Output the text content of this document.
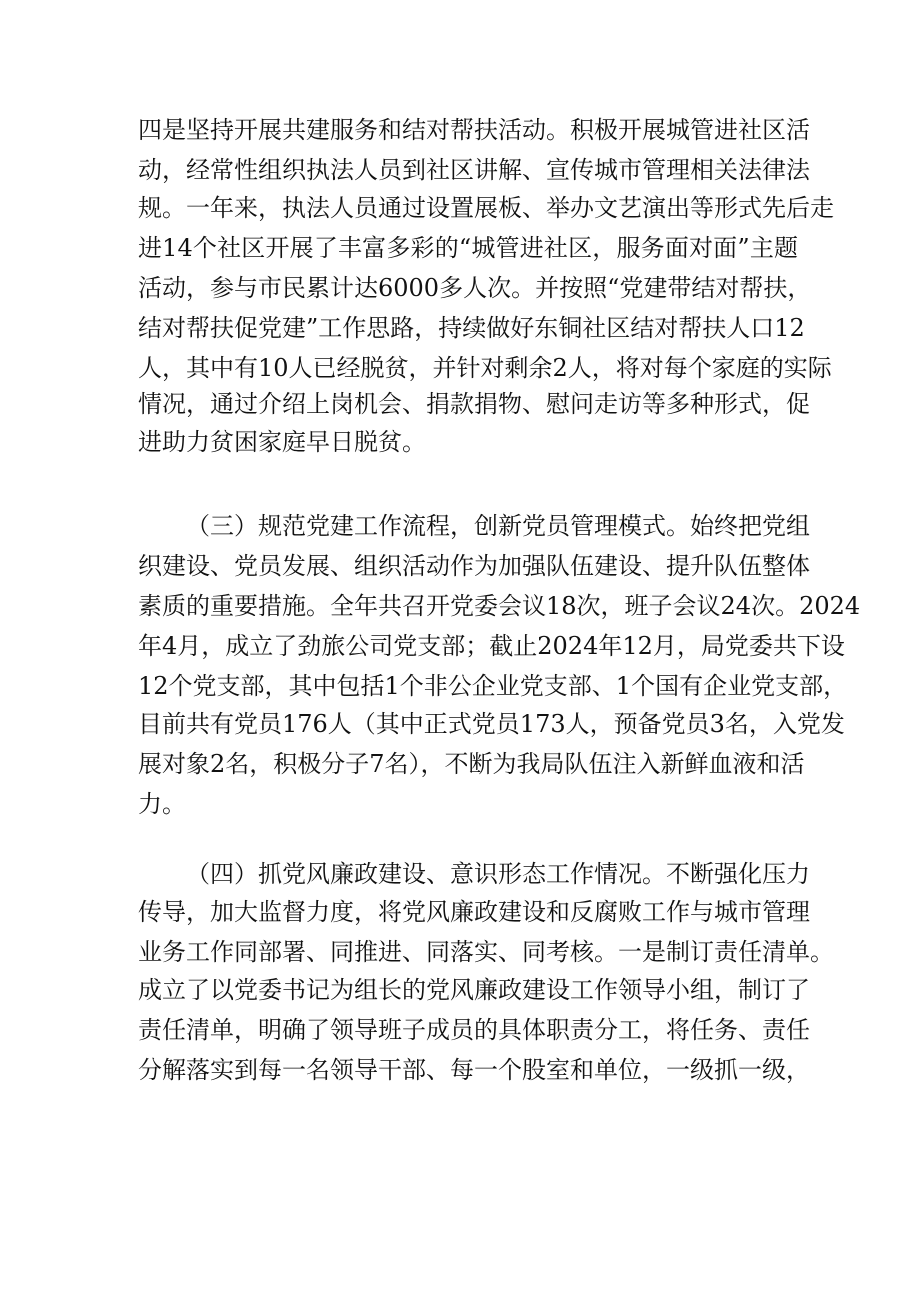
四是坚持开展共建服务和结对帮扶活动。积极开展城管进社区活
动，经常性组织执法人员到社区讲解、宣传城市管理相关法律法
规。一年来，执法人员通过设置展板、举办文艺演出等形式先后走
进14个社区开展了丰富多彩的“城管进社区，服务面对面”主题
活动，参与市民累计达6000多人次。并按照“党建带结对帮扶，
结对帮扶促党建”工作思路，持续做好东铜社区结对帮扶人口12
人，其中有10人已经脱贫，并针对剩余2人，将对每个家庭的实际
情况，通过介绍上岗机会、捐款捐物、慰问走访等多种形式，促
进助力贫困家庭早日脱贫。
（三）规范党建工作流程，创新党员管理模式。始终把党组
织建设、党员发展、组织活动作为加强队伍建设、提升队伍整体
素质的重要措施。全年共召开党委会议18次，班子会议24次。2024
年4月，成立了劲旅公司党支部；截止2024年12月，局党委共下设
12个党支部，其中包括1个非公企业党支部、1个国有企业党支部，
目前共有党员176人（其中正式党员173人，预备党员3名，入党发
展对象2名，积极分子7名），不断为我局队伍注入新鲜血液和活
力。
（四）抓党风廉政建设、意识形态工作情况。不断强化压力
传导，加大监督力度，将党风廉政建设和反腐败工作与城市管理
业务工作同部署、同推进、同落实、同考核。一是制订责任清单。
成立了以党委书记为组长的党风廉政建设工作领导小组，制订了
责任清单，明确了领导班子成员的具体职责分工，将任务、责任
分解落实到每一名领导干部、每一个股室和单位，一级抓一级，
